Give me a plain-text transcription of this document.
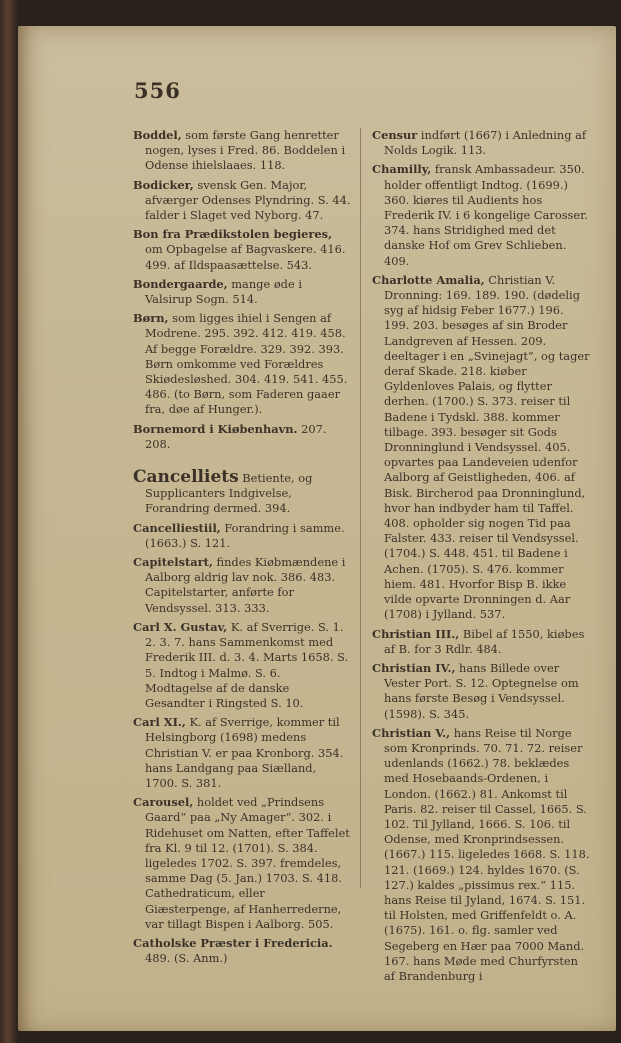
556
Boddel, som første Gang henretter nogen, lyses i Fred. 86. Boddelen i Odense ihielslaaes. 118.
Bodicker, svensk Gen. Major, afværger Odenses Plyndring. S. 44. falder i Slaget ved Nyborg. 47.
Bon fra Prædikstolen begieres, om Opbagelse af Bagvaskere. 416. 499. af Ildspaasættelse. 543.
Bondergaarde, mange øde i Valsirup Sogn. 514.
Børn, som ligges ihiel i Sengen af Modrene. 295. 392. 412. 419. 458. Af begge Forældre. 329. 392. 393. Børn omkomme ved Forældres Skiødesløshed. 304. 419. 541. 455. 486. (to Børn, som Faderen gaaer fra, døe af Hunger.).
Bornemord i Kiøbenhavn. 207. 208.
Cancelliets Betiente, og Supplicanters Indgivelse, Forandring dermed. 394.
Cancelliestiil, Forandring i samme. (1663.) S. 121.
Capitelstart, findes Kiøbmændene i Aalborg aldrig lav nok. 386. 483. Capitelstarter, anførte for Vendsyssel. 313. 333.
Carl X. Gustav, K. af Sverrige. S. 1. 2. 3. 7. hans Sammenkomst med Frederik III. d. 3. 4. Marts 1658. S. 5. Indtog i Malmø. S. 6. Modtagelse af de danske Gesandter i Ringsted S. 10.
Carl XI., K. af Sverrige, kommer til Helsingborg (1698) medens Christian V. er paa Kronborg. 354. hans Landgang paa Siælland, 1700. S. 381.
Carousel, holdet ved „Prindsens Gaard“ paa „Ny Amager“. 302. i Ridehuset om Natten, efter Taffelet fra Kl. 9 til 12. (1701). S. 384. ligeledes 1702. S. 397. fremdeles, samme Dag (5. Jan.) 1703. S. 418. Cathedraticum, eller Giæsterpenge, af Hanherrederne, var tillagt Bispen i Aalborg. 505.
Catholske Præster i Fredericia. 489. (S. Anm.)
Censur indført (1667) i Anledning af Nolds Logik. 113.
Chamilly, fransk Ambassadeur. 350. holder offentligt Indtog. (1699.) 360. kiøres til Audients hos Frederik IV. i 6 kongelige Carosser. 374. hans Stridighed med det danske Hof om Grev Schlieben. 409.
Charlotte Amalia, Christian V. Dronning: 169. 189. 190. (dødelig syg af hidsig Feber 1677.) 196. 199. 203. besøges af sin Broder Landgreven af Hessen. 209. deeltager i en „Svinejagt“, og tager deraf Skade. 218. kiøber Gyldenloves Palais, og flytter derhen. (1700.) S. 373. reiser til Badene i Tydskl. 388. kommer tilbage. 393. besøger sit Gods Dronninglund i Vendsyssel. 405. opvartes paa Landeveien udenfor Aalborg af Geistligheden, 406. af Bisk. Bircherod paa Dronninglund, hvor han indbyder ham til Taffel. 408. opholder sig nogen Tid paa Falster. 433. reiser til Vendsyssel. (1704.) S. 448. 451. til Badene i Achen. (1705). S. 476. kommer hiem. 481. Hvorfor Bisp B. ikke vilde opvarte Dronningen d. Aar (1708) i Jylland. 537.
Christian III., Bibel af 1550, kiøbes af B. for 3 Rdlr. 484.
Christian IV., hans Billede over Vester Port. S. 12. Optegnelse om hans første Besøg i Vendsyssel. (1598). S. 345.
Christian V., hans Reise til Norge som Kronprinds. 70. 71. 72. reiser udenlands (1662.) 78. beklædes med Hosebaands-Ordenen, i London. (1662.) 81. Ankomst til Paris. 82. reiser til Cassel, 1665. S. 102. Til Jylland, 1666. S. 106. til Odense, med Kronprindsessen. (1667.) 115. ligeledes 1668. S. 118. 121. (1669.) 124. hyldes 1670. (S. 127.) kaldes „pissimus rex.“ 115. hans Reise til Jyland, 1674. S. 151. til Holsten, med Griffenfeldt o. A. (1675). 161. o. flg. samler ved Segeberg en Hær paa 7000 Mand. 167. hans Møde med Churfyrsten af Brandenburg i
